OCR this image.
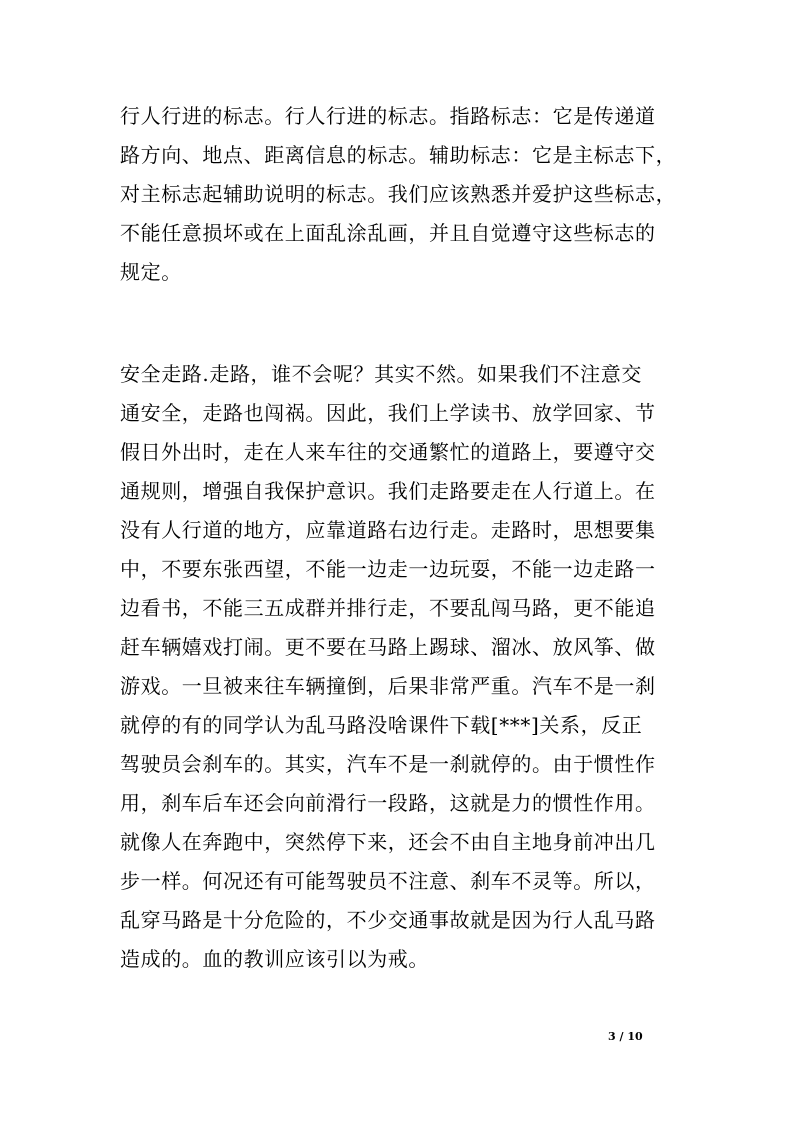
行人行进的标志。行人行进的标志。指路标志：它是传递道
路方向、地点、距离信息的标志。辅助标志：它是主标志下，
对主标志起辅助说明的标志。我们应该熟悉并爱护这些标志，
不能任意损坏或在上面乱涂乱画，并且自觉遵守这些标志的
规定。
安全走路.走路，谁不会呢？其实不然。如果我们不注意交
通安全，走路也闯祸。因此，我们上学读书、放学回家、节
假日外出时，走在人来车往的交通繁忙的道路上，要遵守交
通规则，增强自我保护意识。我们走路要走在人行道上。在
没有人行道的地方，应靠道路右边行走。走路时，思想要集
中，不要东张西望，不能一边走一边玩耍，不能一边走路一
边看书，不能三五成群并排行走，不要乱闯马路，更不能追
赶车辆嬉戏打闹。更不要在马路上踢球、溜冰、放风筝、做
游戏。一旦被来往车辆撞倒，后果非常严重。汽车不是一刹
就停的有的同学认为乱马路没啥课件下载[***]关系，反正
驾驶员会刹车的。其实，汽车不是一刹就停的。由于惯性作
用，刹车后车还会向前滑行一段路，这就是力的惯性作用。
就像人在奔跑中，突然停下来，还会不由自主地身前冲出几
步一样。何况还有可能驾驶员不注意、刹车不灵等。所以，
乱穿马路是十分危险的，不少交通事故就是因为行人乱马路
造成的。血的教训应该引以为戒。
3 / 10
